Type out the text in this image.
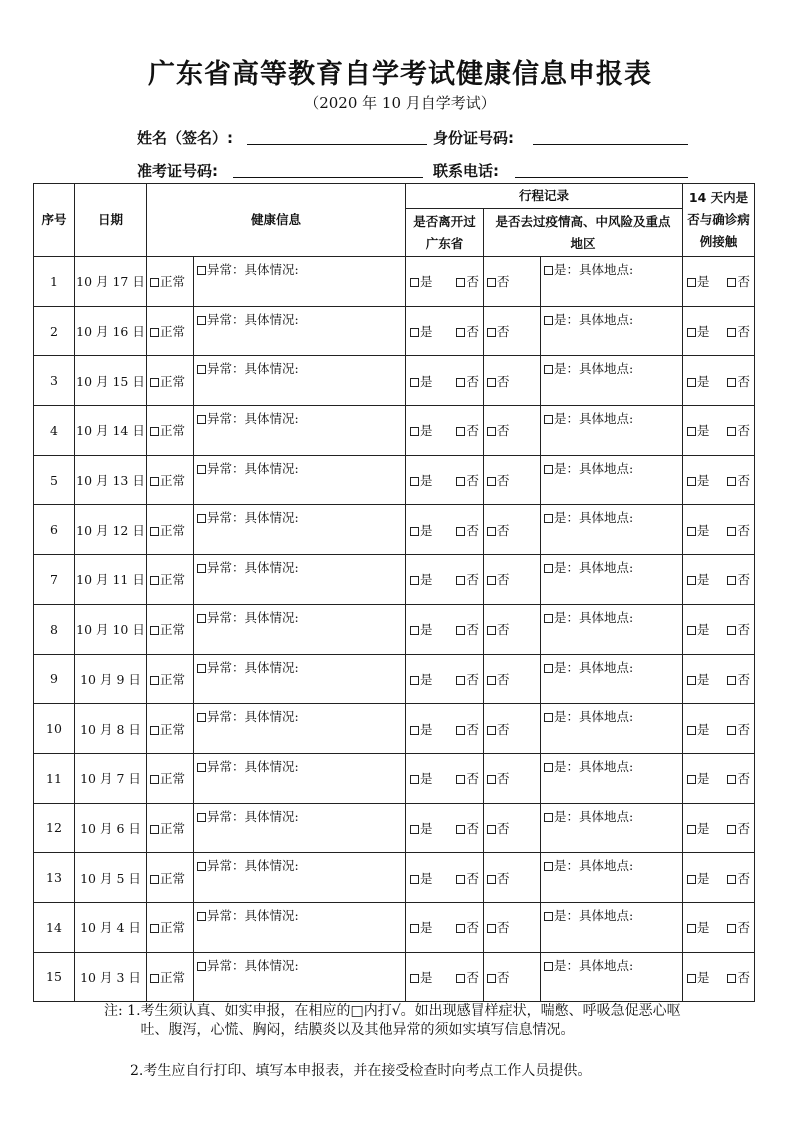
广东省高等教育自学考试健康信息申报表
（2020 年 10 月自学考试）
姓名（签名）:	身份证号码:
准考证号码:	联系电话:
序号	日期	健康信息		行程记录			14 天内是否与确诊病例接触
				是否离开过广东省	是否去过疫情高、中风险及重点地区		
1	10 月 17 日	正常	异常：具体情况:	是 否	否	是：具体地点:	是 否

2	10 月 16 日	正常	异常：具体情况:	是 否	否	是：具体地点:	是 否

3	10 月 15 日	正常	异常：具体情况:	是 否	否	是：具体地点:	是 否

4	10 月 14 日	正常	异常：具体情况:	是 否	否	是：具体地点:	是 否

5	10 月 13 日	正常	异常：具体情况:	是 否	否	是：具体地点:	是 否

6	10 月 12 日	正常	异常：具体情况:	是 否	否	是：具体地点:	是 否

7	10 月 11 日	正常	异常：具体情况:	是 否	否	是：具体地点:	是 否

8	10 月 10 日	正常	异常：具体情况:	是 否	否	是：具体地点:	是 否

9	10 月 9 日	正常	异常：具体情况:	是 否	否	是：具体地点:	是 否

10	10 月 8 日	正常	异常：具体情况:	是 否	否	是：具体地点:	是 否

11	10 月 7 日	正常	异常：具体情况:	是 否	否	是：具体地点:	是 否

12	10 月 6 日	正常	异常：具体情况:	是 否	否	是：具体地点:	是 否

13	10 月 5 日	正常	异常：具体情况:	是 否	否	是：具体地点:	是 否

14	10 月 4 日	正常	异常：具体情况:	是 否	否	是：具体地点:	是 否

15	10 月 3 日	正常	异常：具体情况:	是 否	否	是：具体地点:	是 否
注: 1. 考生须认真、如实申报，在相应的□内打√。如出现感冒样症状，喘憋、呼吸急促恶心呕吐、腹泻，心慌、胸闷，结膜炎以及其他异常的须如实填写信息情况。
2.考生应自行打印、填写本申报表，并在接受检查时向考点工作人员提供。
